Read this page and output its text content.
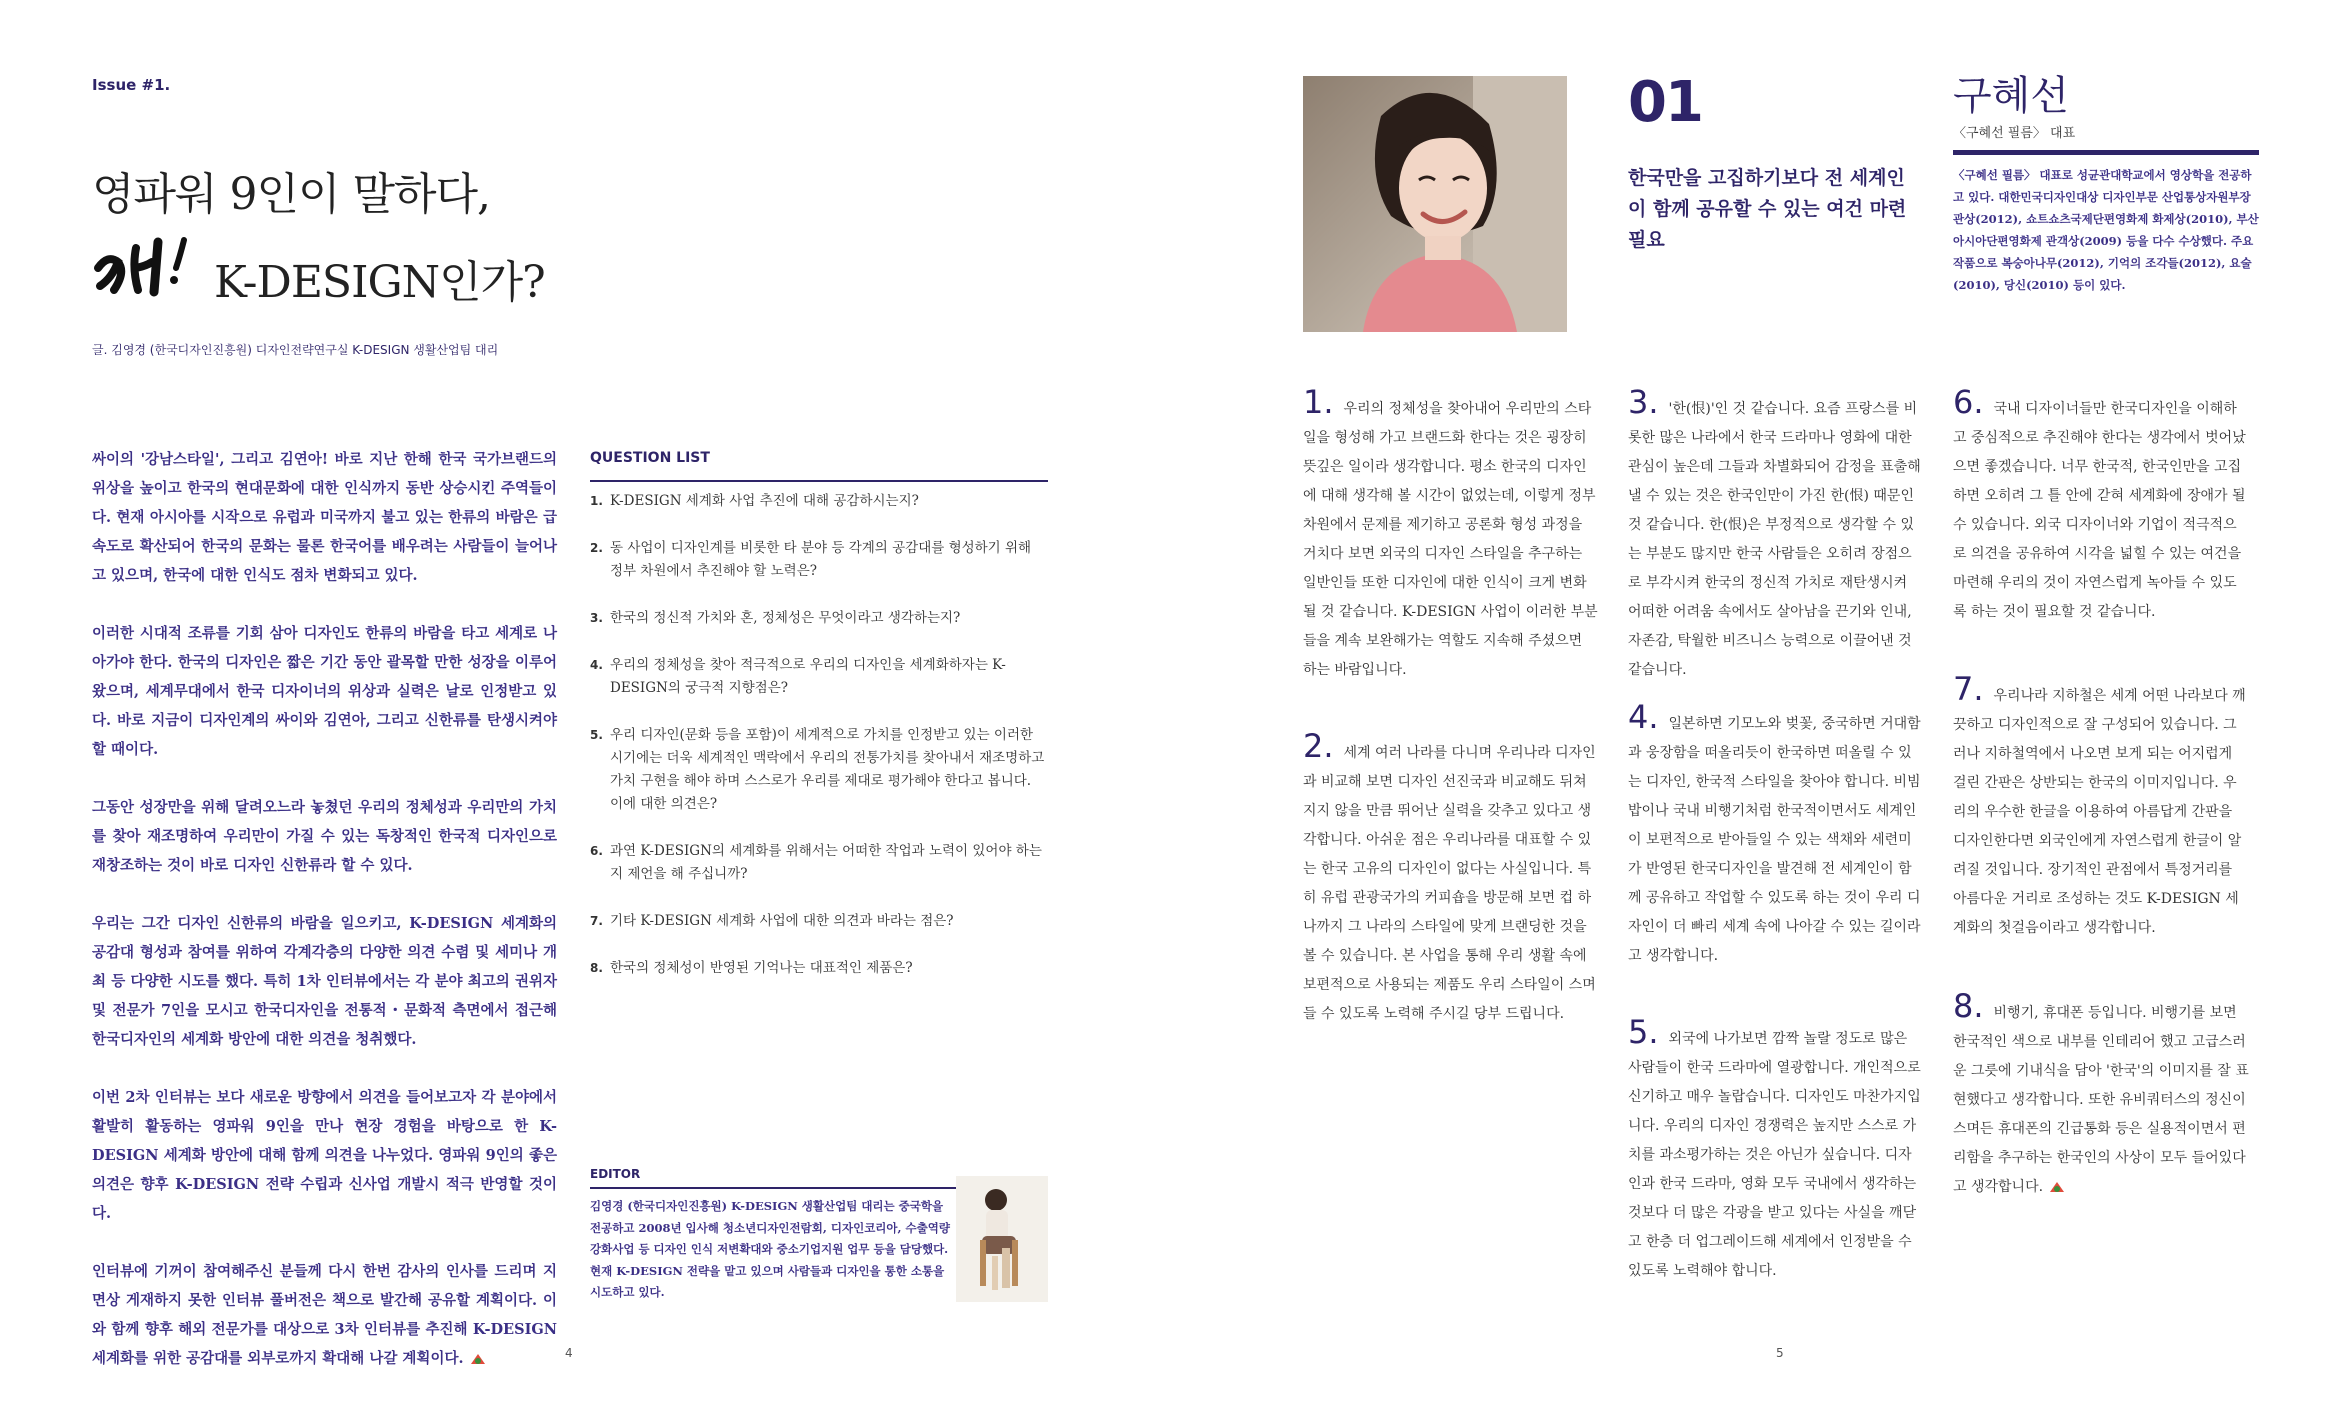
Issue #1.
영파워 9인이 말하다,
K-DESIGN인가?
글. 김영경 (한국디자인진흥원) 디자인전략연구실 K-DESIGN 생활산업팀 대리

싸이의 '강남스타일', 그리고 김연아! 바로 지난 한해 한국 국가브랜드의 위상을 높이고 한국의 현대문화에 대한 인식까지 동반 상승시킨 주역들이다. 현재 아시아를 시작으로 유럽과 미국까지 불고 있는 한류의 바람은 급속도로 확산되어 한국의 문화는 물론 한국어를 배우려는 사람들이 늘어나고 있으며, 한국에 대한 인식도 점차 변화되고 있다.

이러한 시대적 조류를 기회 삼아 디자인도 한류의 바람을 타고 세계로 나아가야 한다. 한국의 디자인은 짧은 기간 동안 괄목할 만한 성장을 이루어 왔으며, 세계무대에서 한국 디자이너의 위상과 실력은 날로 인정받고 있다. 바로 지금이 디자인계의 싸이와 김연아, 그리고 신한류를 탄생시켜야 할 때이다.

그동안 성장만을 위해 달려오느라 놓쳤던 우리의 정체성과 우리만의 가치를 찾아 재조명하여 우리만이 가질 수 있는 독창적인 한국적 디자인으로 재창조하는 것이 바로 디자인 신한류라 할 수 있다.

우리는 그간 디자인 신한류의 바람을 일으키고, K-DESIGN 세계화의 공감대 형성과 참여를 위하여 각계각층의 다양한 의견 수렴 및 세미나 개최 등 다양한 시도를 했다. 특히 1차 인터뷰에서는 각 분야 최고의 권위자 및 전문가 7인을 모시고 한국디자인을 전통적・문화적 측면에서 접근해 한국디자인의 세계화 방안에 대한 의견을 청취했다.

이번 2차 인터뷰는 보다 새로운 방향에서 의견을 들어보고자 각 분야에서 활발히 활동하는 영파워 9인을 만나 현장 경험을 바탕으로 한 K-DESIGN 세계화 방안에 대해 함께 의견을 나누었다. 영파워 9인의 좋은 의견은 향후 K-DESIGN 전략 수립과 신사업 개발시 적극 반영할 것이다.

인터뷰에 기꺼이 참여해주신 분들께 다시 한번 감사의 인사를 드리며 지면상 게재하지 못한 인터뷰 풀버전은 책으로 발간해 공유할 계획이다. 이와 함께 향후 해외 전문가를 대상으로 3차 인터뷰를 추진해 K-DESIGN 세계화를 위한 공감대를 외부로까지 확대해 나갈 계획이다.

QUESTION LIST
1. K-DESIGN 세계화 사업 추진에 대해 공감하시는지?
2. 동 사업이 디자인계를 비롯한 타 분야 등 각계의 공감대를 형성하기 위해 정부 차원에서 추진해야 할 노력은?
3. 한국의 정신적 가치와 혼, 정체성은 무엇이라고 생각하는지?
4. 우리의 정체성을 찾아 적극적으로 우리의 디자인을 세계화하자는 K-DESIGN의 궁극적 지향점은?
5. 우리 디자인(문화 등을 포함)이 세계적으로 가치를 인정받고 있는 이러한 시기에는 더욱 세계적인 맥락에서 우리의 전통가치를 찾아내서 재조명하고 가치 구현을 해야 하며 스스로가 우리를 제대로 평가해야 한다고 봅니다. 이에 대한 의견은?
6. 과연 K-DESIGN의 세계화를 위해서는 어떠한 작업과 노력이 있어야 하는지 제언을 해 주십니까?
7. 기타 K-DESIGN 세계화 사업에 대한 의견과 바라는 점은?
8. 한국의 정체성이 반영된 기억나는 대표적인 제품은?
EDITOR
김영경 (한국디자인진흥원) K-DESIGN 생활산업팀 대리는 중국학을 전공하고 2008년 입사해 청소년디자인전람회, 디자인코리아, 수출역량 강화사업 등 디자인 인식 저변확대와 중소기업지원 업무 등을 담당했다. 현재 K-DESIGN 전략을 맡고 있으며 사람들과 디자인을 통한 소통을 시도하고 있다.
4
01
한국만을 고집하기보다 전 세계인이 함께 공유할 수 있는 여건 마련 필요
구혜선
〈구혜선 필름〉 대표
〈구혜선 필름〉 대표로 성균관대학교에서 영상학을 전공하고 있다. 대한민국디자인대상 디자인부문 산업통상자원부장관상(2012), 쇼트쇼츠국제단편영화제 화제상(2010), 부산아시아단편영화제 관객상(2009) 등을 다수 수상했다. 주요작품으로 복숭아나무(2012), 기억의 조각들(2012), 요술(2010), 당신(2010) 등이 있다.
1. 우리의 정체성을 찾아내어 우리만의 스타일을 형성해 가고 브랜드화 한다는 것은 굉장히 뜻깊은 일이라 생각합니다. 평소 한국의 디자인에 대해 생각해 볼 시간이 없었는데, 이렇게 정부차원에서 문제를 제기하고 공론화 형성 과정을 거치다 보면 외국의 디자인 스타일을 추구하는 일반인들 또한 디자인에 대한 인식이 크게 변화될 것 같습니다. K-DESIGN 사업이 이러한 부분들을 계속 보완해가는 역할도 지속해 주셨으면 하는 바람입니다.
2. 세계 여러 나라를 다니며 우리나라 디자인과 비교해 보면 디자인 선진국과 비교해도 뒤쳐지지 않을 만큼 뛰어난 실력을 갖추고 있다고 생각합니다. 아쉬운 점은 우리나라를 대표할 수 있는 한국 고유의 디자인이 없다는 사실입니다. 특히 유럽 관광국가의 커피숍을 방문해 보면 컵 하나까지 그 나라의 스타일에 맞게 브랜딩한 것을 볼 수 있습니다. 본 사업을 통해 우리 생활 속에 보편적으로 사용되는 제품도 우리 스타일이 스며들 수 있도록 노력해 주시길 당부 드립니다.
3. '한(恨)'인 것 같습니다. 요즘 프랑스를 비롯한 많은 나라에서 한국 드라마나 영화에 대한 관심이 높은데 그들과 차별화되어 감정을 표출해 낼 수 있는 것은 한국인만이 가진 한(恨) 때문인 것 같습니다. 한(恨)은 부정적으로 생각할 수 있는 부분도 많지만 한국 사람들은 오히려 장점으로 부각시켜 한국의 정신적 가치로 재탄생시켜 어떠한 어려움 속에서도 살아남을 끈기와 인내, 자존감, 탁월한 비즈니스 능력으로 이끌어낸 것 같습니다.
4. 일본하면 기모노와 벚꽃, 중국하면 거대함과 웅장함을 떠올리듯이 한국하면 떠올릴 수 있는 디자인, 한국적 스타일을 찾아야 합니다. 비빔밥이나 국내 비행기처럼 한국적이면서도 세계인이 보편적으로 받아들일 수 있는 색채와 세련미가 반영된 한국디자인을 발견해 전 세계인이 함께 공유하고 작업할 수 있도록 하는 것이 우리 디자인이 더 빠리 세계 속에 나아갈 수 있는 길이라고 생각합니다.
5. 외국에 나가보면 깜짝 놀랄 정도로 많은 사람들이 한국 드라마에 열광합니다. 개인적으로 신기하고 매우 놀랍습니다. 디자인도 마찬가지입니다. 우리의 디자인 경쟁력은 높지만 스스로 가치를 과소평가하는 것은 아닌가 싶습니다. 디자인과 한국 드라마, 영화 모두 국내에서 생각하는 것보다 더 많은 각광을 받고 있다는 사실을 깨닫고 한층 더 업그레이드해 세계에서 인정받을 수 있도록 노력해야 합니다.
6. 국내 디자이너들만 한국디자인을 이해하고 중심적으로 추진해야 한다는 생각에서 벗어났으면 좋겠습니다. 너무 한국적, 한국인만을 고집하면 오히려 그 틀 안에 갇혀 세계화에 장애가 될 수 있습니다. 외국 디자이너와 기업이 적극적으로 의견을 공유하여 시각을 넓힐 수 있는 여건을 마련해 우리의 것이 자연스럽게 녹아들 수 있도록 하는 것이 필요할 것 같습니다.
7. 우리나라 지하철은 세계 어떤 나라보다 깨끗하고 디자인적으로 잘 구성되어 있습니다. 그러나 지하철역에서 나오면 보게 되는 어지럽게 걸린 간판은 상반되는 한국의 이미지입니다. 우리의 우수한 한글을 이용하여 아름답게 간판을 디자인한다면 외국인에게 자연스럽게 한글이 알려질 것입니다. 장기적인 관점에서 특정거리를 아름다운 거리로 조성하는 것도 K-DESIGN 세계화의 첫걸음이라고 생각합니다.
8. 비행기, 휴대폰 등입니다. 비행기를 보면 한국적인 색으로 내부를 인테리어 했고 고급스러운 그릇에 기내식을 담아 '한국'의 이미지를 잘 표현했다고 생각합니다. 또한 유비쿼터스의 정신이 스며든 휴대폰의 긴급통화 등은 실용적이면서 편리함을 추구하는 한국인의 사상이 모두 들어있다고 생각합니다.
5
